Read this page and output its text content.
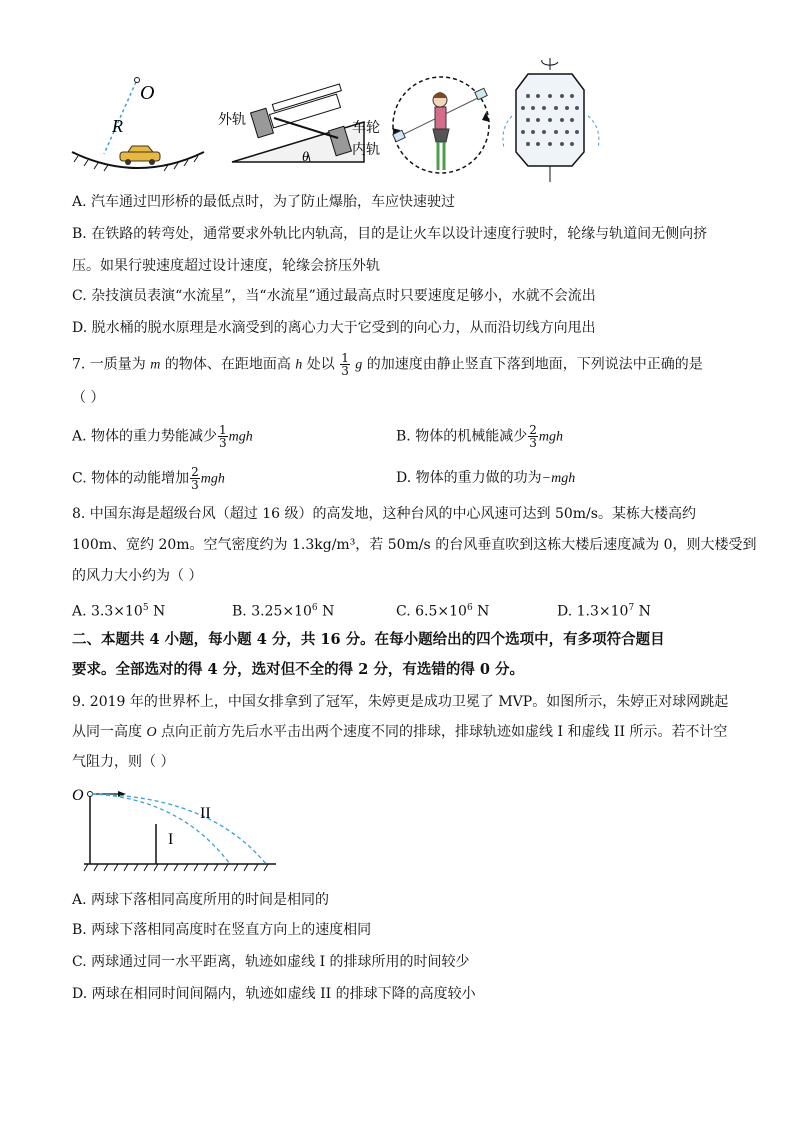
O
R
θ
外轨	车轮
内轨
A. 汽车通过凹形桥的最低点时，为了防止爆胎，车应快速驶过
B. 在铁路的转弯处，通常要求外轨比内轨高，目的是让火车以设计速度行驶时，轮缘与轨道间无侧向挤
压。如果行驶速度超过设计速度，轮缘会挤压外轨
C. 杂技演员表演“水流星”，当“水流星”通过最高点时只要速度足够小，水就不会流出
D. 脱水桶的脱水原理是水滴受到的离心力大于它受到的向心力，从而沿切线方向甩出
7. 一质量为 m 的物体、在距地面高 h 处以 $\frac{1}{3}$ g 的加速度由静止竖直下落到地面，下列说法中正确的是
（ ）
A. 物体的重力势能减少 $\frac{1}{3}$ mgh	B. 物体的机械能减少 $\frac{2}{3}$ mgh
C. 物体的动能增加 $\frac{2}{3}$ mgh	D. 物体的重力做的功为−mgh
8. 中国东海是超级台风（超过 16 级）的高发地，这种台风的中心风速可达到 50m/s。某栋大楼高约
100m、宽约 20m。空气密度约为 1.3kg/m³，若 50m/s 的台风垂直吹到这栋大楼后速度减为 0，则大楼受到
的风力大小约为（ ）
A. $3.3\times 10^5$ N	B. $3.25\times 10^6$ N	C. $6.5\times 10^6$ N	D. $1.3\times 10^7$ N
二、本题共 4 小题，每小题 4 分，共 16 分。在每小题给出的四个选项中，有多项符合题目
要求。全部选对的得 4 分，选对但不全的得 2 分，有选错的得 0 分。
9. 2019 年的世界杯上，中国女排拿到了冠军，朱婷更是成功卫冕了 MVP。如图所示，朱婷正对球网跳起
从同一高度 O 点向正前方先后水平击出两个速度不同的排球，排球轨迹如虚线 I 和虚线 II 所示。若不计空
气阻力，则（ ）
O
I
II
A. 两球下落相同高度所用的时间是相同的
B. 两球下落相同高度时在竖直方向上的速度相同
C. 两球通过同一水平距离，轨迹如虚线 I 的排球所用的时间较少
D. 两球在相同时间间隔内，轨迹如虚线 II 的排球下降的高度较小
